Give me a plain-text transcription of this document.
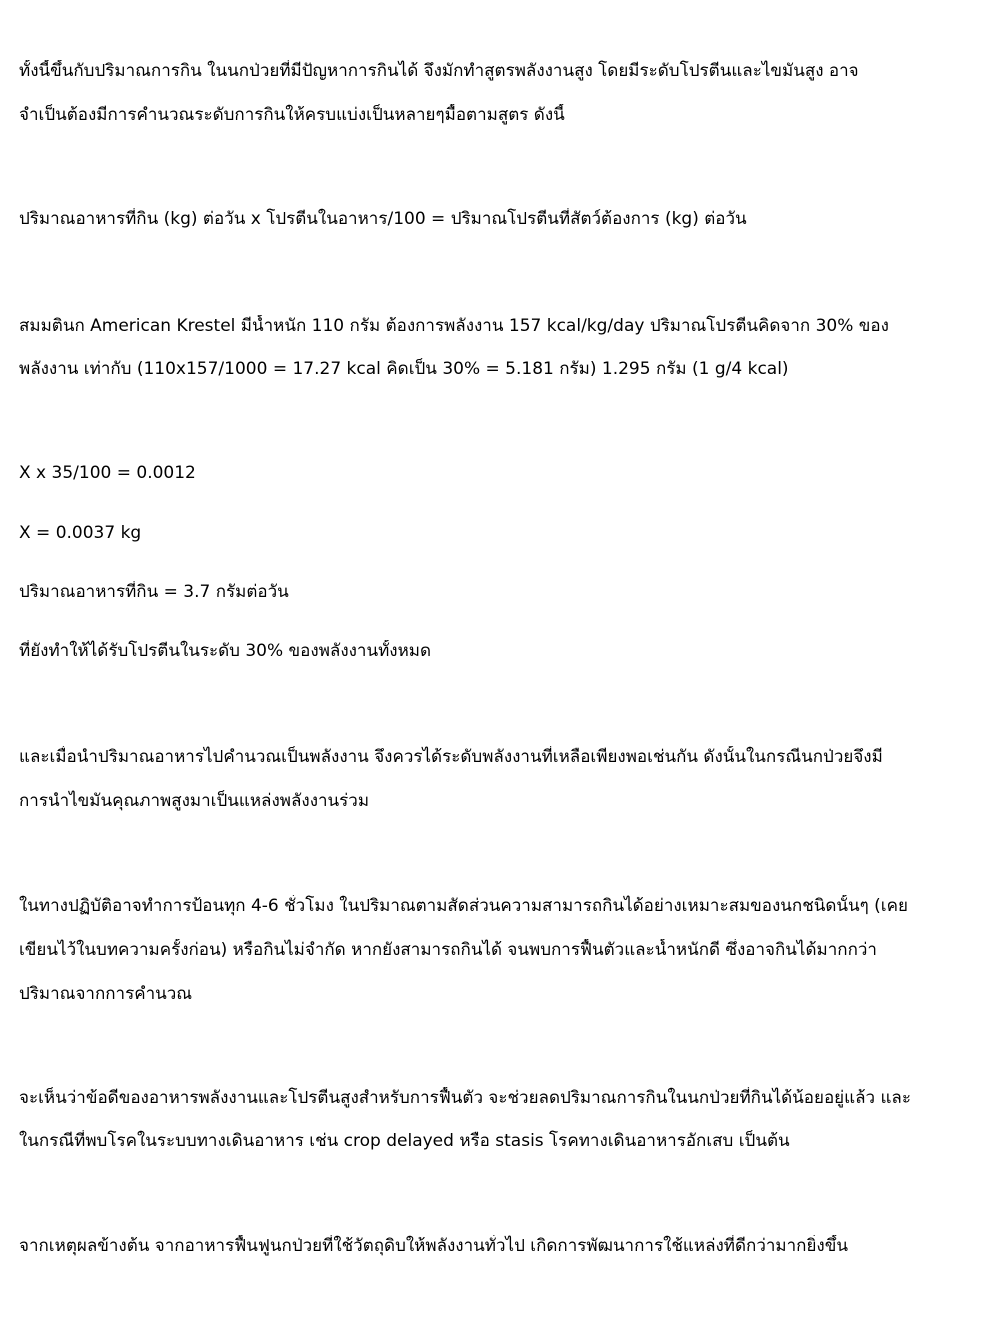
ทั้งนี้ขึ้นกับปริมาณการกิน ในนกป่วยที่มีปัญหาการกินได้ จึงมักทำสูตรพลังงานสูง โดยมีระดับโปรตีนและไขมันสูง อาจ
จำเป็นต้องมีการคำนวณระดับการกินให้ครบแบ่งเป็นหลายๆมื้อตามสูตร ดังนี้
ปริมาณอาหารที่กิน (kg) ต่อวัน x โปรตีนในอาหาร/100 = ปริมาณโปรตีนที่สัตว์ต้องการ (kg) ต่อวัน
สมมตินก American Krestel มีน้ำหนัก 110 กรัม ต้องการพลังงาน 157 kcal/kg/day ปริมาณโปรตีนคิดจาก 30% ของ
พลังงาน เท่ากับ (110x157/1000 = 17.27 kcal คิดเป็น 30% = 5.181 กรัม) 1.295 กรัม (1 g/4 kcal)
X x 35/100 = 0.0012
X = 0.0037 kg
ปริมาณอาหารที่กิน = 3.7 กรัมต่อวัน
ที่ยังทำให้ได้รับโปรตีนในระดับ 30% ของพลังงานทั้งหมด
และเมื่อนำปริมาณอาหารไปคำนวณเป็นพลังงาน จึงควรได้ระดับพลังงานที่เหลือเพียงพอเช่นกัน ดังนั้นในกรณีนกป่วยจึงมี
การนำไขมันคุณภาพสูงมาเป็นแหล่งพลังงานร่วม
ในทางปฏิบัติอาจทำการป้อนทุก 4-6 ชั่วโมง ในปริมาณตามสัดส่วนความสามารถกินได้อย่างเหมาะสมของนกชนิดนั้นๆ (เคย
เขียนไว้ในบทความครั้งก่อน) หรือกินไม่จำกัด หากยังสามารถกินได้ จนพบการฟื้นตัวและน้ำหนักดี ซึ่งอาจกินได้มากกว่า
ปริมาณจากการคำนวณ
จะเห็นว่าข้อดีของอาหารพลังงานและโปรตีนสูงสำหรับการฟื้นตัว จะช่วยลดปริมาณการกินในนกป่วยที่กินได้น้อยอยู่แล้ว และ
ในกรณีที่พบโรคในระบบทางเดินอาหาร เช่น crop delayed หรือ stasis โรคทางเดินอาหารอักเสบ เป็นต้น
จากเหตุผลข้างต้น จากอาหารฟื้นฟูนกป่วยที่ใช้วัตถุดิบให้พลังงานทั่วไป เกิดการพัฒนาการใช้แหล่งที่ดีกว่ามากยิ่งขึ้น
